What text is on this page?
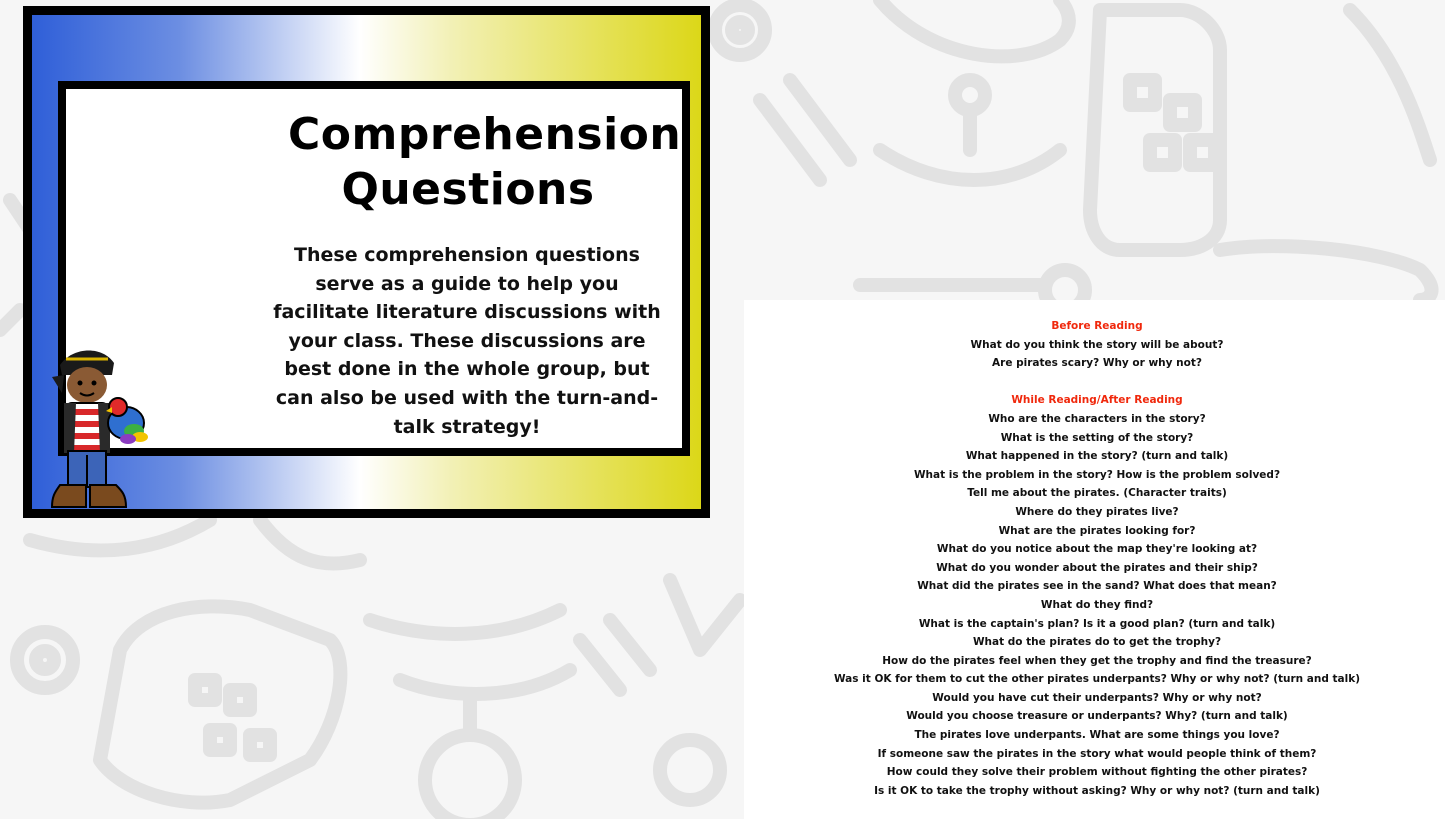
Comprehension
Questions

These comprehension questions serve as a guide to help you facilitate literature discussions with your class. These discussions are best done in the whole group, but can also be used with the turn-and-talk strategy!

Before Reading
What do you think the story will be about?
Are pirates scary? Why or why not?
While Reading/After Reading
Who are the characters in the story?
What is the setting of the story?
What happened in the story? (turn and talk)
What is the problem in the story? How is the problem solved?
Tell me about the pirates. (Character traits)
Where do they pirates live?
What are the pirates looking for?
What do you notice about the map they're looking at?
What do you wonder about the pirates and their ship?
What did the pirates see in the sand? What does that mean?
What do they find?
What is the captain's plan? Is it a good plan? (turn and talk)
What do the pirates do to get the trophy?
How do the pirates feel when they get the trophy and find the treasure?
Was it OK for them to cut the other pirates underpants? Why or why not? (turn and talk)
Would you have cut their underpants? Why or why not?
Would you choose treasure or underpants? Why? (turn and talk)
The pirates love underpants. What are some things you love?
If someone saw the pirates in the story what would people think of them?
How could they solve their problem without fighting the other pirates?
Is it OK to take the trophy without asking? Why or why not? (turn and talk)
